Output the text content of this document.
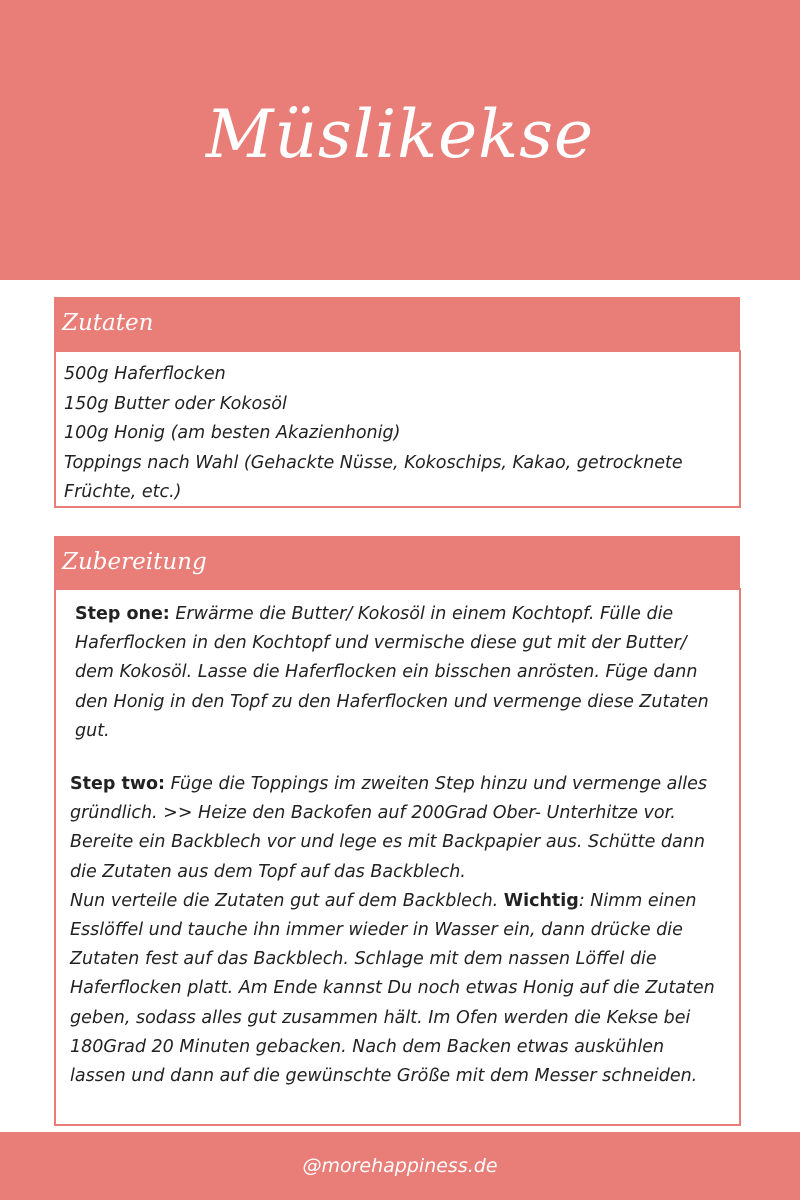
Müslikekse
Zutaten
500g Haferflocken
150g Butter oder Kokosöl
100g Honig (am besten Akazienhonig)
Toppings nach Wahl (Gehackte Nüsse, Kokoschips, Kakao, getrocknete Früchte, etc.)
Zubereitung

Step one: Erwärme die Butter/ Kokosöl in einem Kochtopf. Fülle die Haferflocken in den Kochtopf und vermische diese gut mit der Butter/ dem Kokosöl. Lasse die Haferflocken ein bisschen anrösten. Füge dann den Honig in den Topf zu den Haferflocken und vermenge diese Zutaten gut.

Step two: Füge die Toppings im zweiten Step hinzu und vermenge alles gründlich. >> Heize den Backofen auf 200Grad Ober- Unterhitze vor. Bereite ein Backblech vor und lege es mit Backpapier aus. Schütte dann die Zutaten aus dem Topf auf das Backblech.

Nun verteile die Zutaten gut auf dem Backblech. Wichtig: Nimm einen Esslöffel und tauche ihn immer wieder in Wasser ein, dann drücke die Zutaten fest auf das Backblech. Schlage mit dem nassen Löffel die Haferflocken platt. Am Ende kannst Du noch etwas Honig auf die Zutaten geben, sodass alles gut zusammen hält. Im Ofen werden die Kekse bei 180Grad 20 Minuten gebacken. Nach dem Backen etwas auskühlen lassen und dann auf die gewünschte Größe mit dem Messer schneiden.

@morehappiness.de
